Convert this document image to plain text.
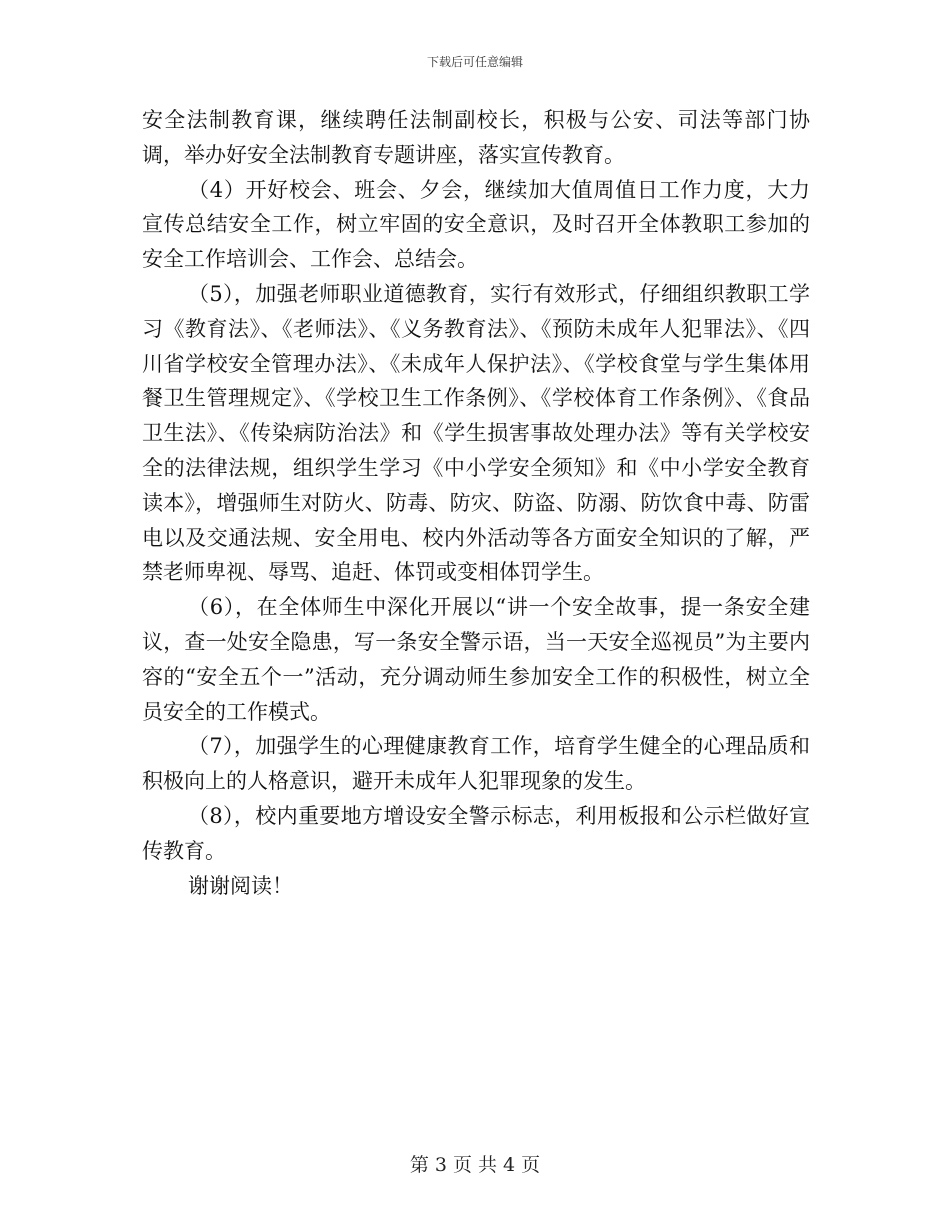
下载后可任意编辑

安全法制教育课，继续聘任法制副校长，积极与公安、司法等部门协调，举办好安全法制教育专题讲座，落实宣传教育。

（4）开好校会、班会、夕会，继续加大值周值日工作力度，大力宣传总结安全工作，树立牢固的安全意识，及时召开全体教职工参加的安全工作培训会、工作会、总结会。

（5），加强老师职业道德教育，实行有效形式，仔细组织教职工学习《教育法》、《老师法》、《义务教育法》、《预防未成年人犯罪法》、《四川省学校安全管理办法》、《未成年人保护法》、《学校食堂与学生集体用餐卫生管理规定》、《学校卫生工作条例》、《学校体育工作条例》、《食品卫生法》、《传染病防治法》和《学生损害事故处理办法》等有关学校安全的法律法规，组织学生学习《中小学安全须知》和《中小学安全教育读本》，增强师生对防火、防毒、防灾、防盗、防溺、防饮食中毒、防雷电以及交通法规、安全用电、校内外活动等各方面安全知识的了解，严禁老师卑视、辱骂、追赶、体罚或变相体罚学生。

（6），在全体师生中深化开展以“讲一个安全故事，提一条安全建议，查一处安全隐患，写一条安全警示语，当一天安全巡视员”为主要内容的“安全五个一”活动，充分调动师生参加安全工作的积极性，树立全员安全的工作模式。

（7），加强学生的心理健康教育工作，培育学生健全的心理品质和积极向上的人格意识，避开未成年人犯罪现象的发生。

（8），校内重要地方增设安全警示标志，利用板报和公示栏做好宣传教育。

谢谢阅读！

第 3 页 共 4 页
